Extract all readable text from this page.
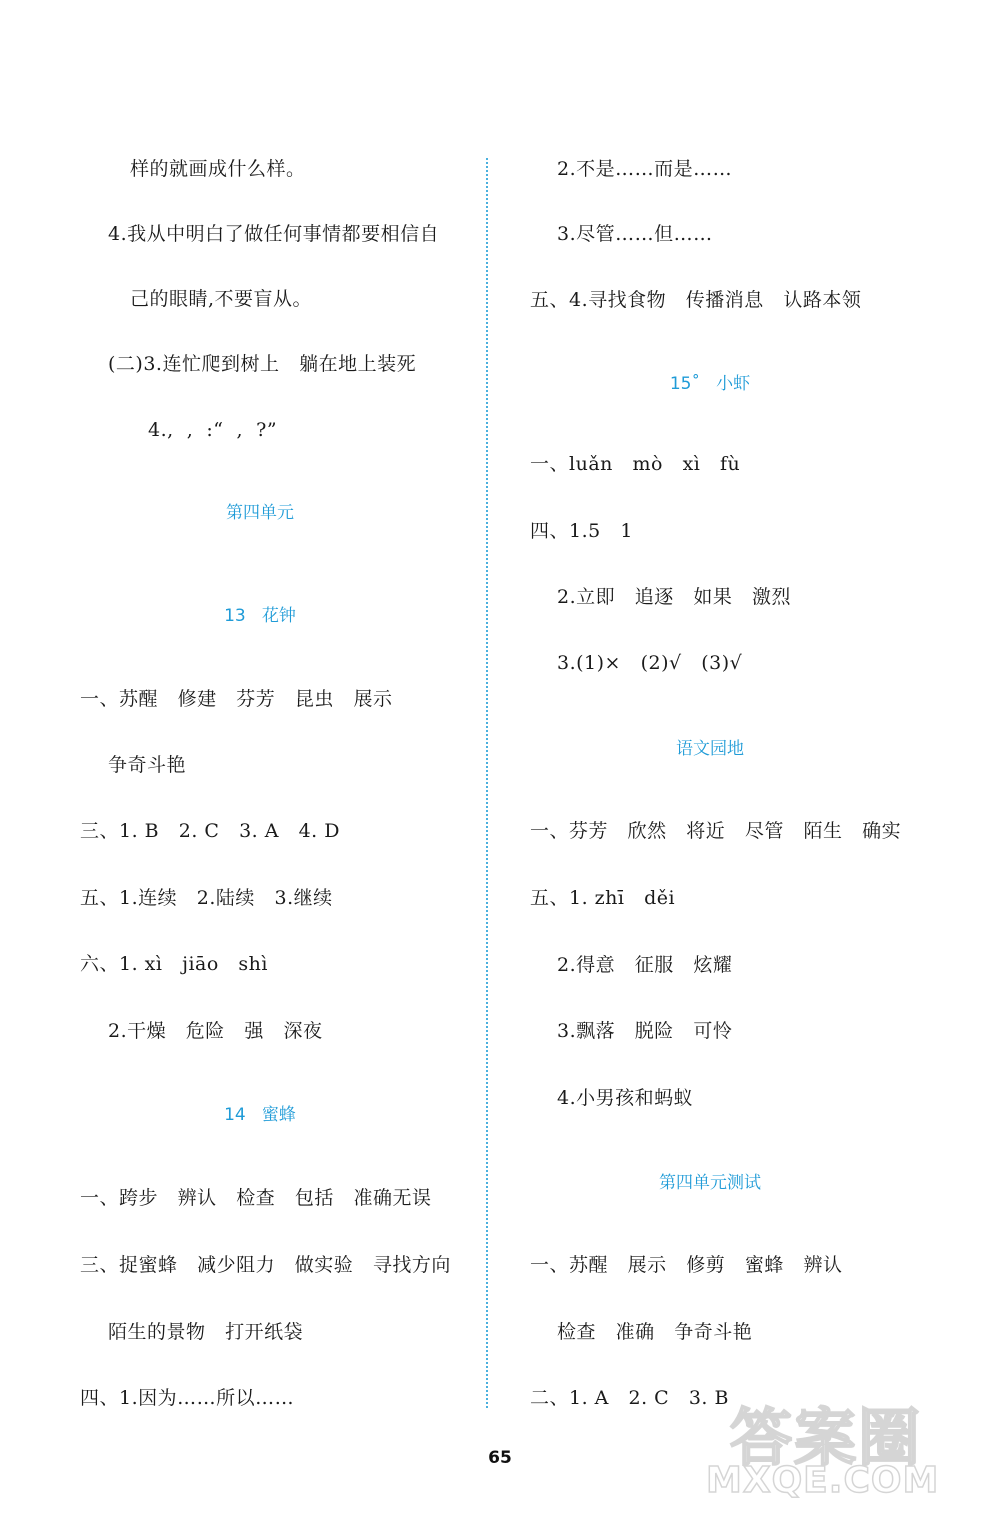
样的就画成什么样。
4.我从中明白了做任何事情都要相信自
己的眼睛,不要盲从。
(二)3.连忙爬到树上   躺在地上装死
4.,  ,  :“  ,  ?”
第四单元
13   花钟
一、苏醒   修建   芬芳   昆虫   展示
争奇斗艳
三、1. B   2. C   3. A   4. D
五、1.连续   2.陆续   3.继续
六、1. xì   jiāo   shì
2.干燥   危险   强   深夜
14   蜜蜂
一、跨步   辨认   检查   包括   准确无误
三、捉蜜蜂   减少阻力   做实验   寻找方向
陌生的景物   打开纸袋
四、1.因为……所以……
2.不是……而是……
3.尽管……但……
五、4.寻找食物   传播消息   认路本领
15˚   小虾
一、luǎn   mò   xì   fù
四、1.5   1
2.立即   追逐   如果   激烈
3.(1)×   (2)√   (3)√
语文园地
一、芬芳   欣然   将近   尽管   陌生   确实
五、1. zhī   děi
2.得意   征服   炫耀
3.飘落   脱险   可怜
4.小男孩和蚂蚁
第四单元测试
一、苏醒   展示   修剪   蜜蜂   辨认
检查   准确   争奇斗艳
二、1. A   2. C   3. B
65	答案圈
MXQE.COM
